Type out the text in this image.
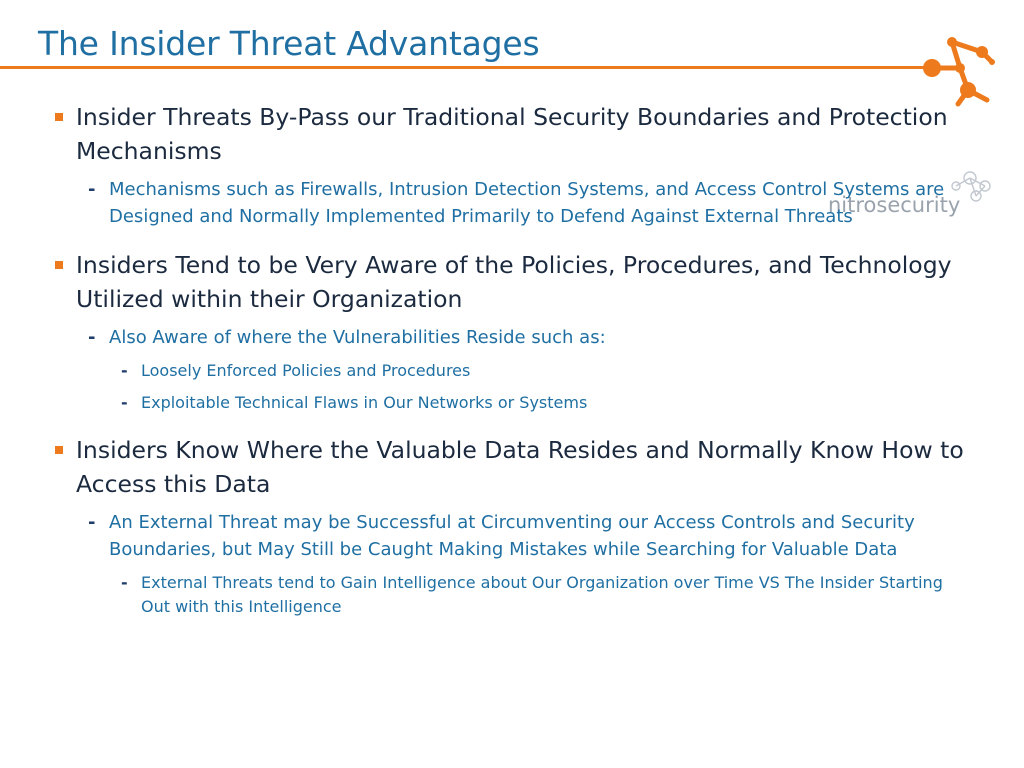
The Insider Threat Advantages
nitrosecurity
Insider Threats By-Pass our Traditional Security Boundaries and Protection Mechanisms
- Mechanisms such as Firewalls, Intrusion Detection Systems, and Access Control Systems are Designed and Normally Implemented Primarily to Defend Against External Threats
Insiders Tend to be Very Aware of the Policies, Procedures, and Technology Utilized within their Organization
- Also Aware of where the Vulnerabilities Reside such as:
- Loosely Enforced Policies and Procedures
- Exploitable Technical Flaws in Our Networks or Systems
Insiders Know Where the Valuable Data Resides and Normally Know How to Access this Data
- An External Threat may be Successful at Circumventing our Access Controls and Security Boundaries, but May Still be Caught Making Mistakes while Searching for Valuable Data
- External Threats tend to Gain Intelligence about Our Organization over Time VS The Insider Starting Out with this Intelligence
